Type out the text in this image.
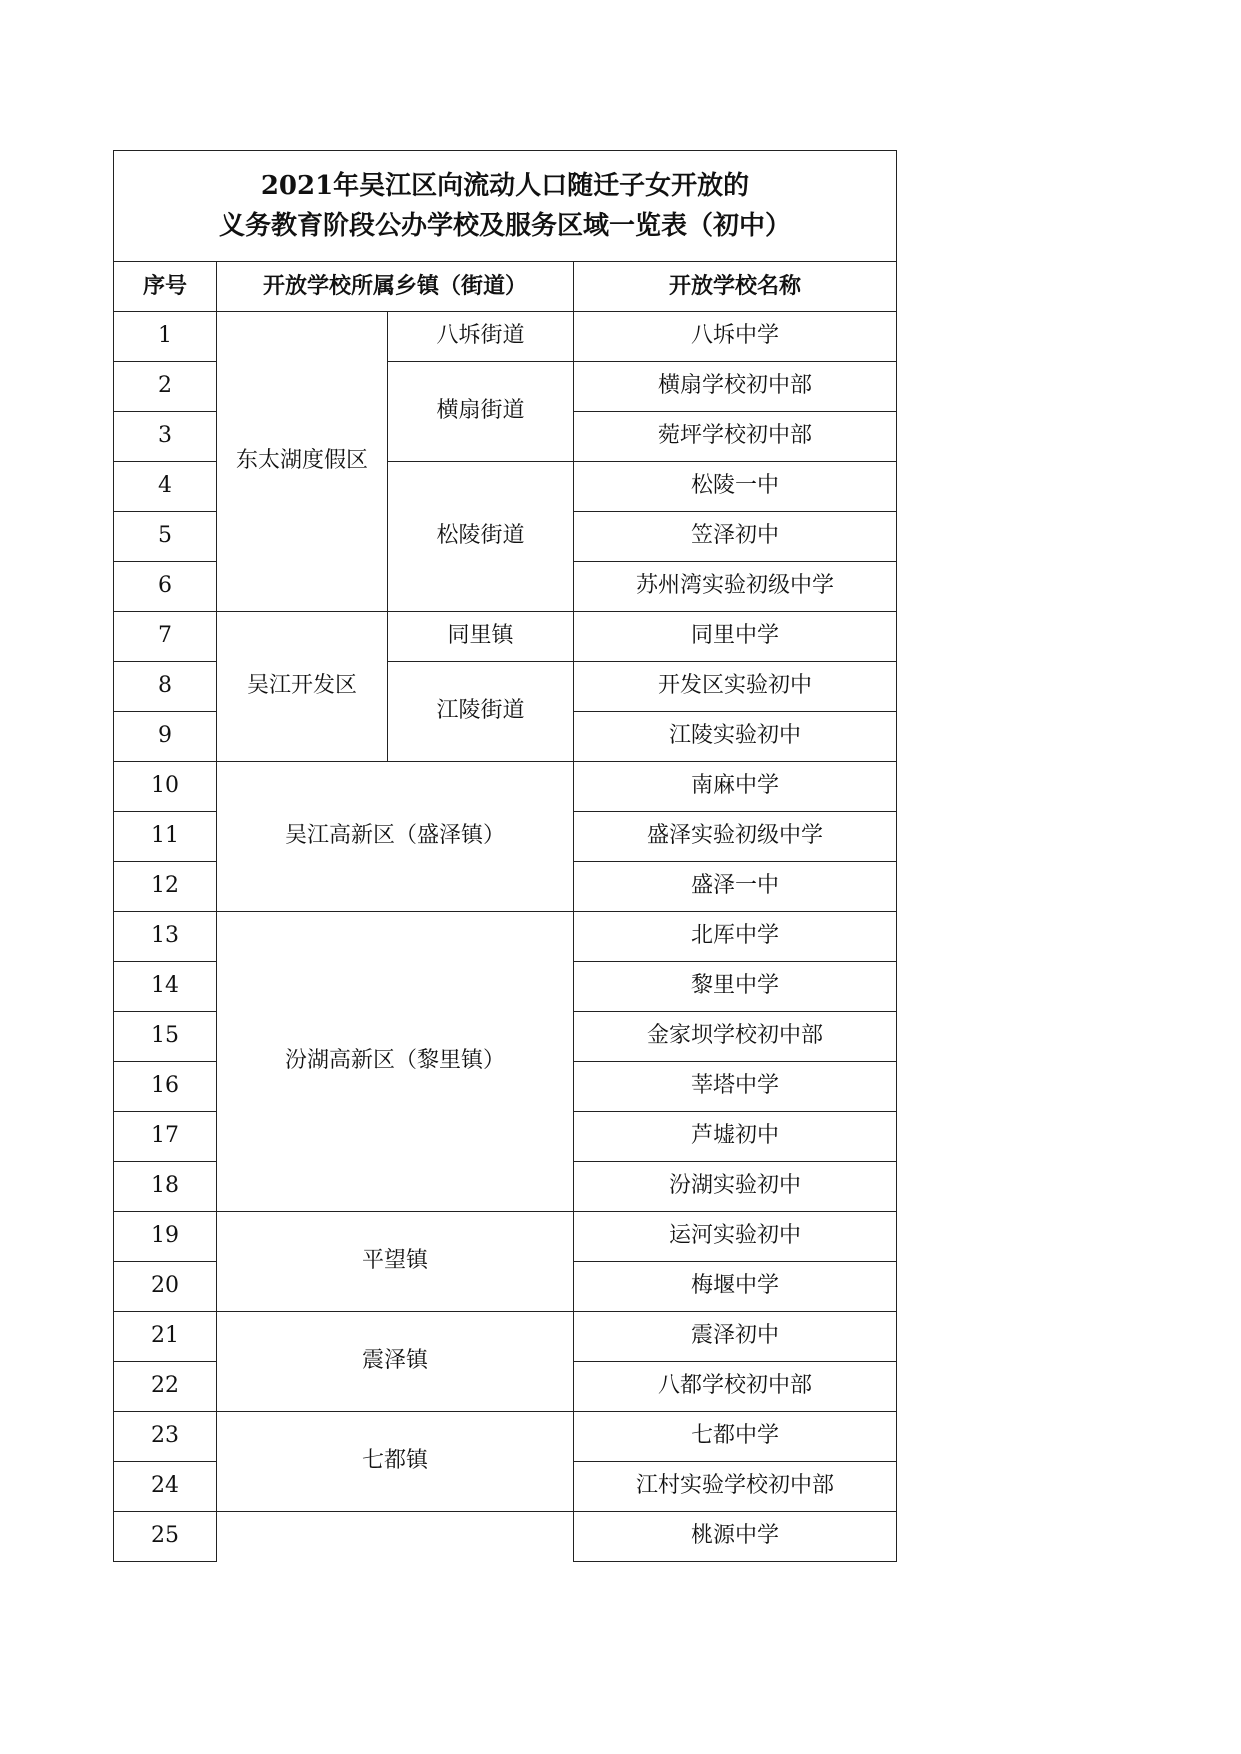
2021年吴江区向流动人口随迁子女开放的
义务教育阶段公办学校及服务区域一览表（初中）			

序号	开放学校所属乡镇（街道）		开放学校名称
1	东太湖度假区	八坼街道	八坼中学
2		横扇街道	横扇学校初中部
3			菀坪学校初中部
4		松陵街道	松陵一中
5			笠泽初中
6			苏州湾实验初级中学
7	吴江开发区	同里镇	同里中学
8		江陵街道	开发区实验初中
9			江陵实验初中
10	吴江高新区（盛泽镇）		南麻中学
11			盛泽实验初级中学
12			盛泽一中
13	汾湖高新区（黎里镇）		北厍中学
14			黎里中学
15			金家坝学校初中部
16			莘塔中学
17			芦墟初中
18			汾湖实验初中
19	平望镇		运河实验初中
20			梅堰中学
21	震泽镇		震泽初中
22			八都学校初中部
23	七都镇		七都中学
24			江村实验学校初中部
25			桃源中学
